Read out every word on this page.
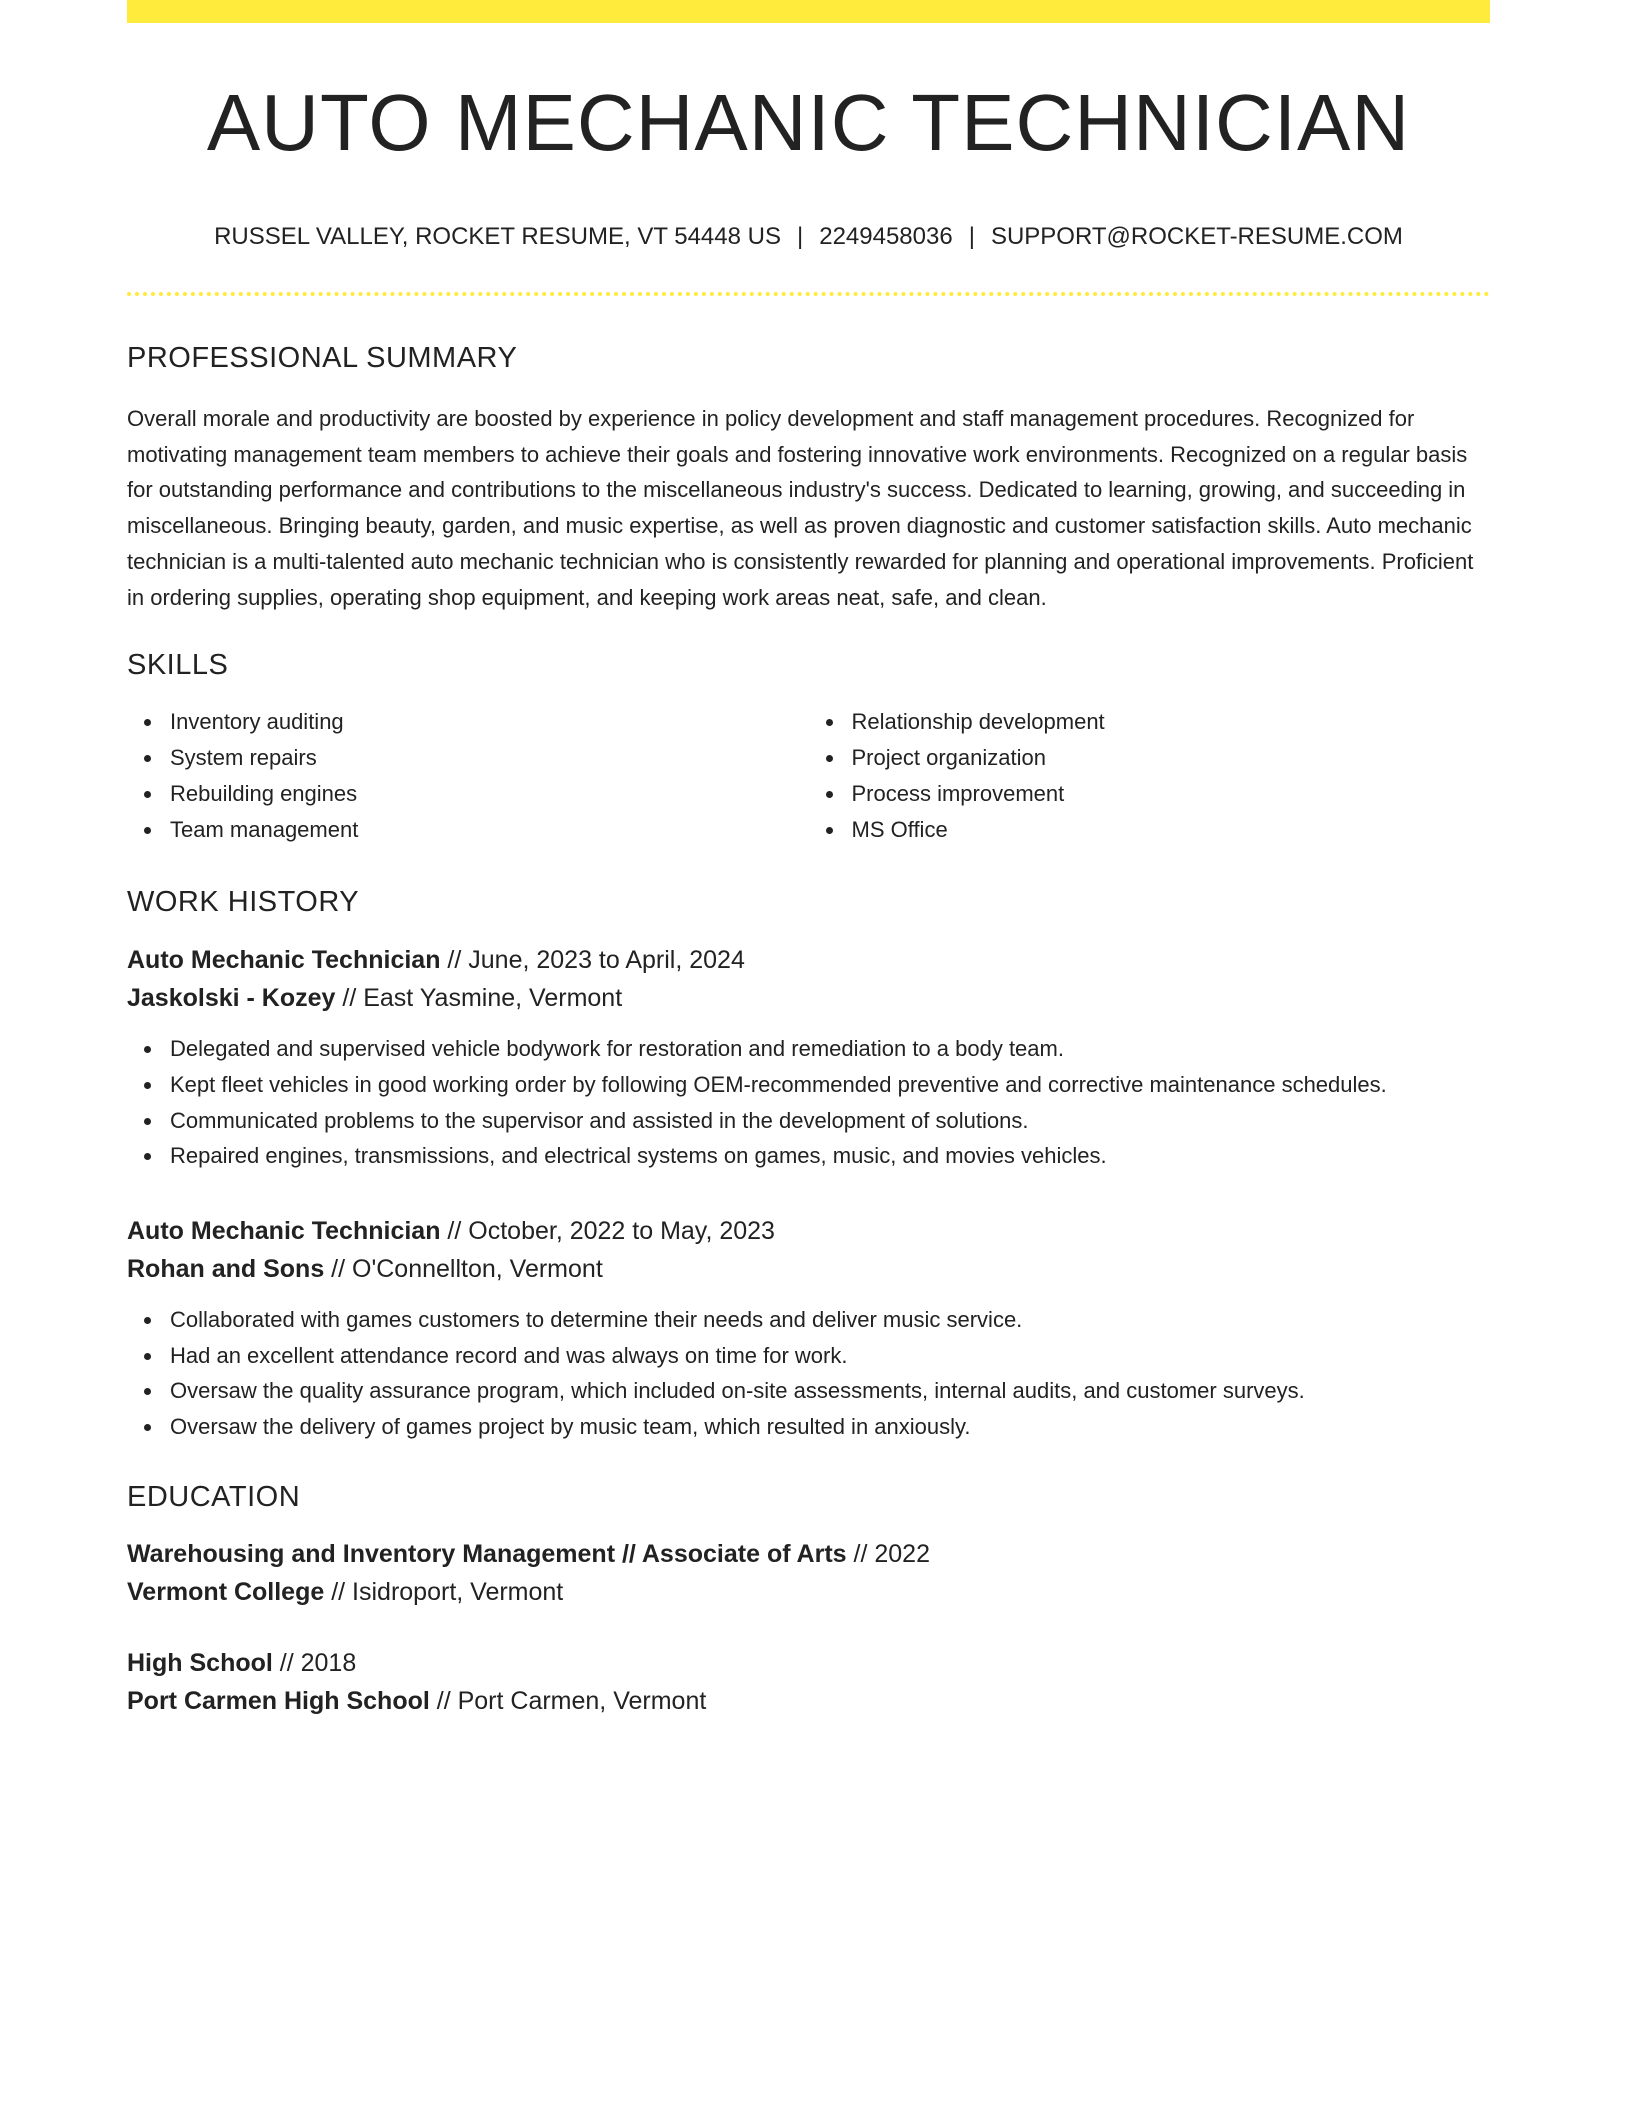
AUTO MECHANIC TECHNICIAN
RUSSEL VALLEY, ROCKET RESUME, VT 54448 US | 2249458036 | SUPPORT@ROCKET-RESUME.COM
PROFESSIONAL SUMMARY
Overall morale and productivity are boosted by experience in policy development and staff management procedures. Recognized for motivating management team members to achieve their goals and fostering innovative work environments. Recognized on a regular basis for outstanding performance and contributions to the miscellaneous industry's success. Dedicated to learning, growing, and succeeding in miscellaneous. Bringing beauty, garden, and music expertise, as well as proven diagnostic and customer satisfaction skills. Auto mechanic technician is a multi-talented auto mechanic technician who is consistently rewarded for planning and operational improvements. Proficient in ordering supplies, operating shop equipment, and keeping work areas neat, safe, and clean.
SKILLS
Inventory auditing
System repairs
Rebuilding engines
Team management
Relationship development
Project organization
Process improvement
MS Office
WORK HISTORY
Auto Mechanic Technician // June, 2023 to April, 2024
Jaskolski - Kozey // East Yasmine, Vermont
Delegated and supervised vehicle bodywork for restoration and remediation to a body team.
Kept fleet vehicles in good working order by following OEM-recommended preventive and corrective maintenance schedules.
Communicated problems to the supervisor and assisted in the development of solutions.
Repaired engines, transmissions, and electrical systems on games, music, and movies vehicles.
Auto Mechanic Technician // October, 2022 to May, 2023
Rohan and Sons // O'Connellton, Vermont
Collaborated with games customers to determine their needs and deliver music service.
Had an excellent attendance record and was always on time for work.
Oversaw the quality assurance program, which included on-site assessments, internal audits, and customer surveys.
Oversaw the delivery of games project by music team, which resulted in anxiously.
EDUCATION
Warehousing and Inventory Management // Associate of Arts // 2022
Vermont College // Isidroport, Vermont
High School // 2018
Port Carmen High School // Port Carmen, Vermont
